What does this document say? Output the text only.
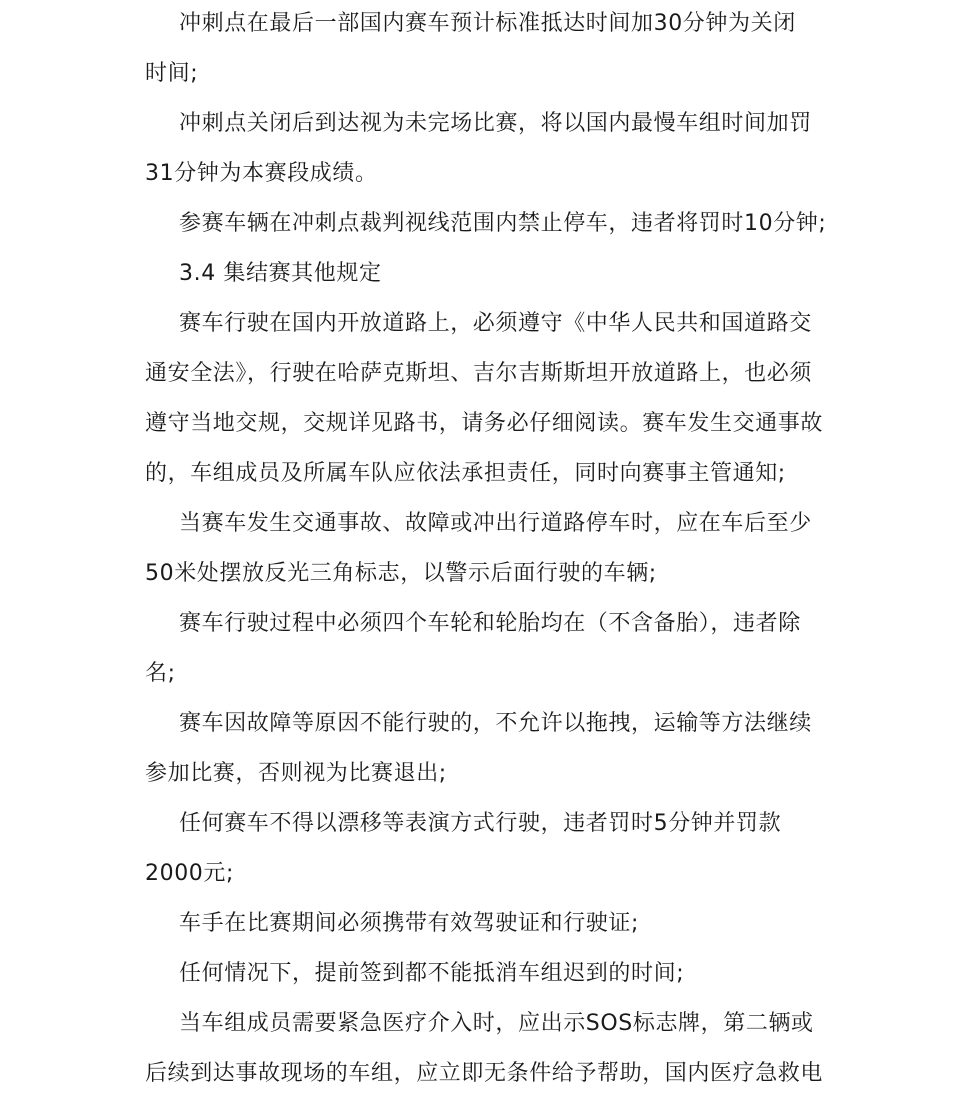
冲刺点在最后一部国内赛车预计标准抵达时间加30分钟为关闭
时间;
冲刺点关闭后到达视为未完场比赛，将以国内最慢车组时间加罚
31分钟为本赛段成绩。
参赛车辆在冲刺点裁判视线范围内禁止停车，违者将罚时10分钟;
3.4 集结赛其他规定
赛车行驶在国内开放道路上，必须遵守《中华人民共和国道路交
通安全法》，行驶在哈萨克斯坦、吉尔吉斯斯坦开放道路上，也必须
遵守当地交规，交规详见路书，请务必仔细阅读。赛车发生交通事故
的，车组成员及所属车队应依法承担责任，同时向赛事主管通知;
当赛车发生交通事故、故障或冲出行道路停车时，应在车后至少
50米处摆放反光三角标志，以警示后面行驶的车辆;
赛车行驶过程中必须四个车轮和轮胎均在（不含备胎），违者除
名;
赛车因故障等原因不能行驶的，不允许以拖拽，运输等方法继续
参加比赛，否则视为比赛退出;
任何赛车不得以漂移等表演方式行驶，违者罚时5分钟并罚款
2000元;
车手在比赛期间必须携带有效驾驶证和行驶证;
任何情况下，提前签到都不能抵消车组迟到的时间;
当车组成员需要紧急医疗介入时，应出示SOS标志牌，第二辆或
后续到达事故现场的车组，应立即无条件给予帮助，国内医疗急救电
